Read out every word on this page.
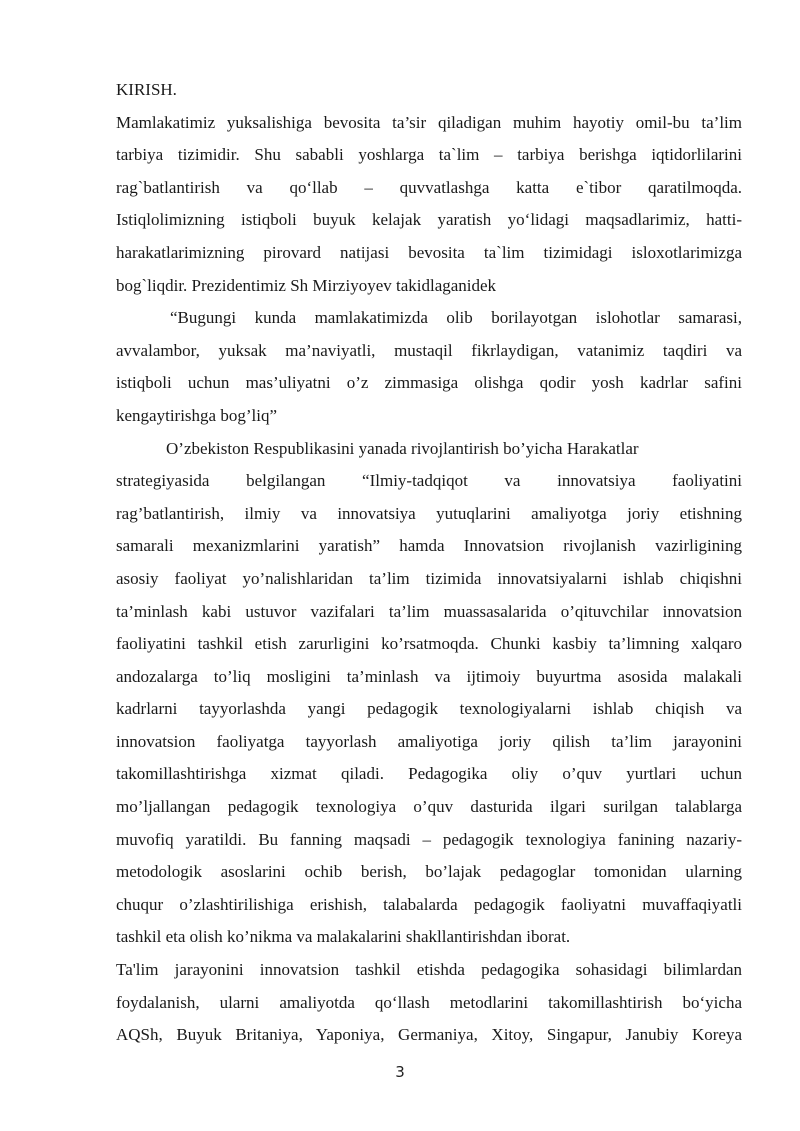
KIRISH.
Mamlakatimiz yuksalishiga bevosita ta’sir qiladigan muhim hayotiy omil-bu ta’lim
tarbiya tizimidir. Shu sababli yoshlarga ta`lim – tarbiya berishga iqtidorlilarini
rag`batlantirish va qo‘llab – quvvatlashga katta e`tibor qaratilmoqda.
Istiqlolimizning istiqboli buyuk kelajak yaratish yo‘lidagi maqsadlarimiz, hatti-
harakatlarimizning pirovard natijasi bevosita ta`lim tizimidagi isloxotlarimizga
bog`liqdir. Prezidentimiz Sh Mirziyoyev takidlaganidek
“Bugungi kunda mamlakatimizda olib borilayotgan islohotlar samarasi,
avvalambor, yuksak ma’naviyatli, mustaqil fikrlaydigan, vatanimiz taqdiri va
istiqboli uchun mas’uliyatni o’z zimmasiga olishga qodir yosh kadrlar safini
kengaytirishga bog’liq”
O’zbekiston Respublikasini yanada rivojlantirish bo’yicha Harakatlar
strategiyasida belgilangan “Ilmiy-tadqiqot va innovatsiya faoliyatini
rag’batlantirish, ilmiy va innovatsiya yutuqlarini amaliyotga joriy etishning
samarali mexanizmlarini yaratish” hamda Innovatsion rivojlanish vazirligining
asosiy faoliyat yo’nalishlaridan ta’lim tizimida innovatsiyalarni ishlab chiqishni
ta’minlash kabi ustuvor vazifalari ta’lim muassasalarida o’qituvchilar innovatsion
faoliyatini tashkil etish zarurligini ko’rsatmoqda. Chunki kasbiy ta’limning xalqaro
andozalarga to’liq mosligini ta’minlash va ijtimoiy buyurtma asosida malakali
kadrlarni tayyorlashda yangi pedagogik texnologiyalarni ishlab chiqish va
innovatsion faoliyatga tayyorlash amaliyotiga joriy qilish ta’lim jarayonini
takomillashtirishga xizmat qiladi. Pedagogika oliy o’quv yurtlari uchun
mo’ljallangan pedagogik texnologiya o’quv dasturida ilgari surilgan talablarga
muvofiq yaratildi. Bu fanning maqsadi – pedagogik texnologiya fanining nazariy-
metodologik asoslarini ochib berish, bo’lajak pedagoglar tomonidan ularning
chuqur o’zlashtirilishiga erishish, talabalarda pedagogik faoliyatni muvaffaqiyatli
tashkil eta olish ko’nikma va malakalarini shakllantirishdan iborat.
Ta'lim jarayonini innovatsion tashkil etishda pedagogika sohasidagi bilimlardan
foydalanish, ularni amaliyotda qo‘llash metodlarini takomillashtirish bo‘yicha
AQSh, Buyuk Britaniya, Yaponiya, Germaniya, Xitoy, Singapur, Janubiy Koreya
3
